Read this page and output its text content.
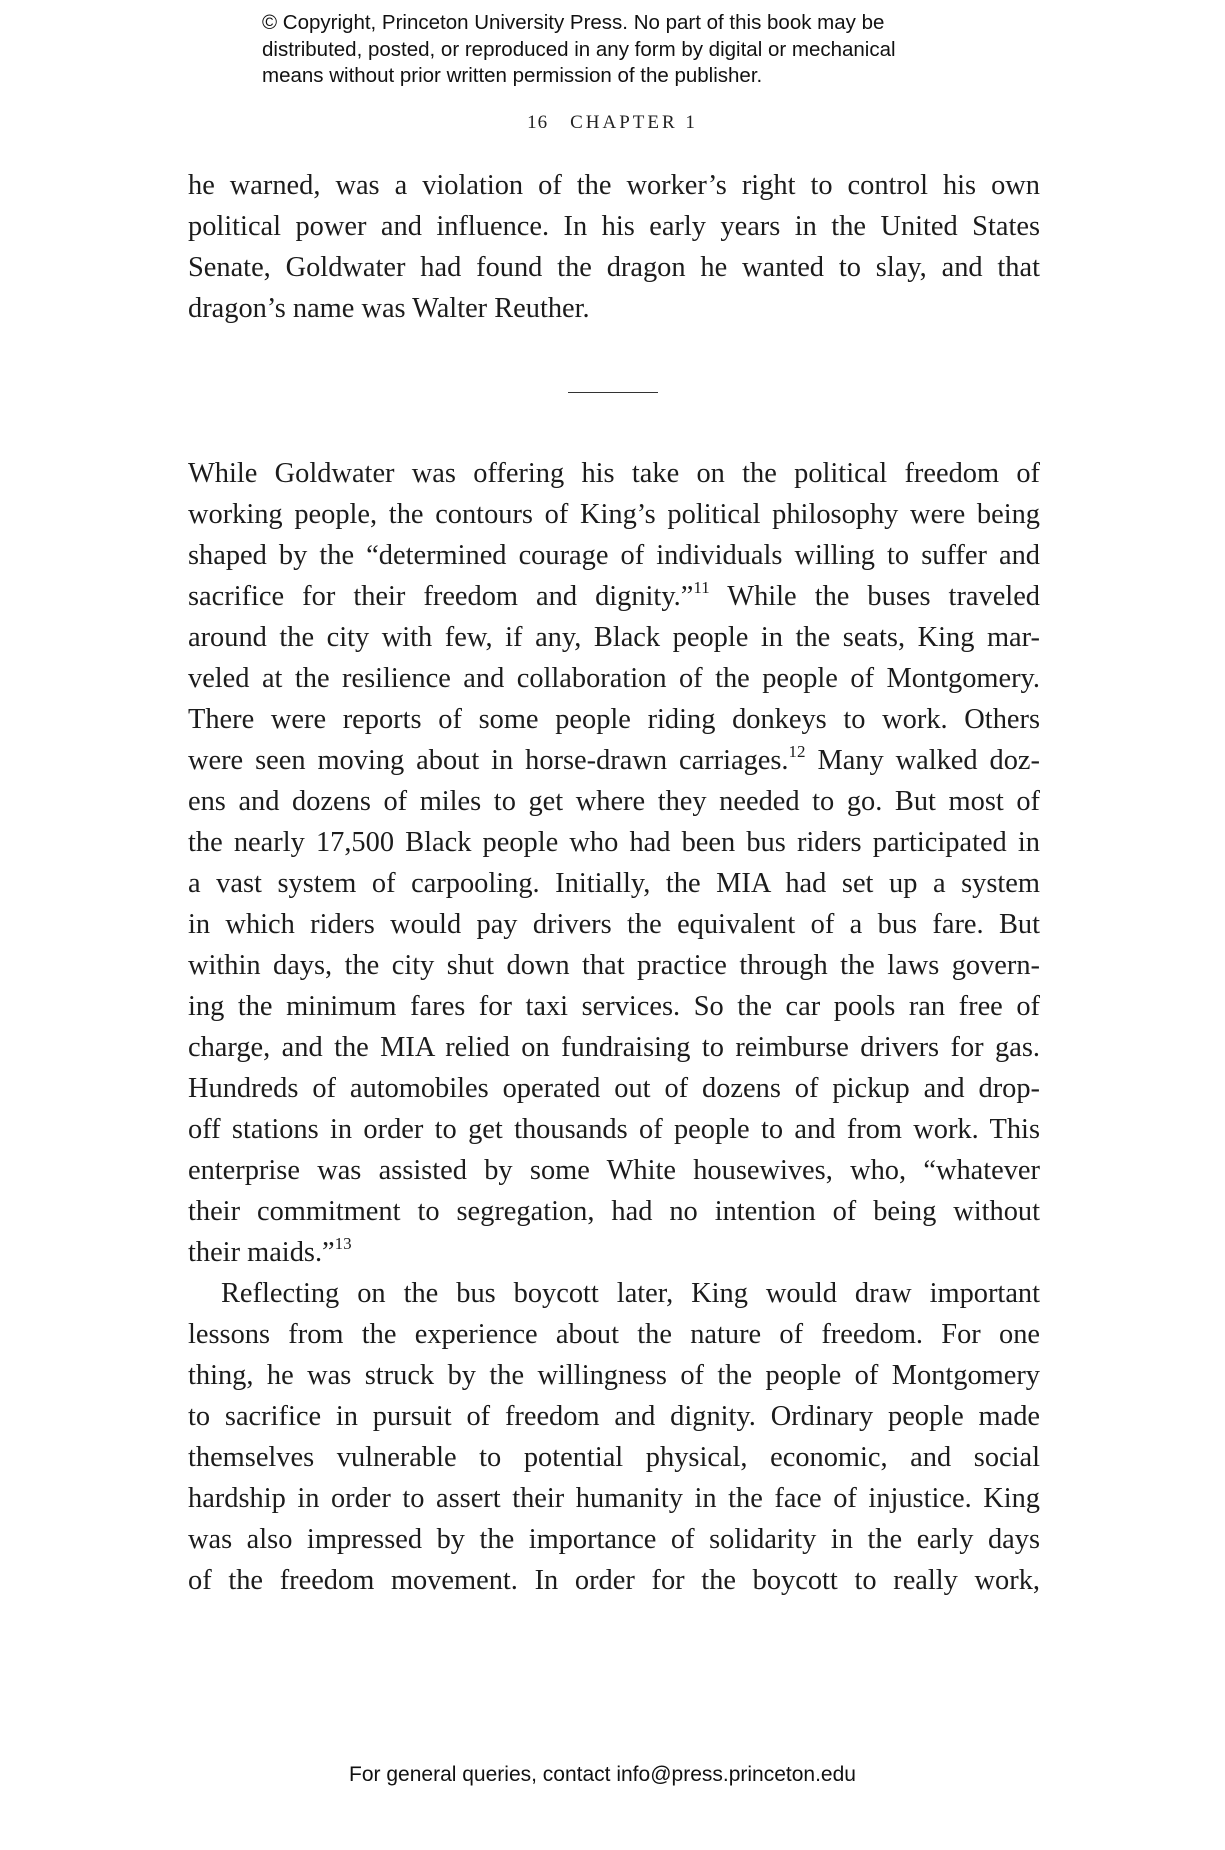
© Copyright, Princeton University Press. No part of this book may be
distributed, posted, or reproduced in any form by digital or mechanical
means without prior written permission of the publisher.
16 CHAPTER 1

he warned, was a violation of the worker’s right to control his own
political power and influence. In his early years in the United States
Senate, Goldwater had found the dragon he wanted to slay, and that
dragon’s name was Walter Reuther.

While Goldwater was offering his take on the political freedom of
working people, the contours of King’s political philosophy were being
shaped by the “determined courage of individuals willing to suffer and
sacrifice for their freedom and dignity.”$^{11}$ While the buses traveled
around the city with few, if any, Black people in the seats, King mar-
veled at the resilience and collaboration of the people of Montgomery.
There were reports of some people riding donkeys to work. Others
were seen moving about in horse-drawn carriages.$^{12}$ Many walked doz-
ens and dozens of miles to get where they needed to go. But most of
the nearly 17,500 Black people who had been bus riders participated in
a vast system of carpooling. Initially, the MIA had set up a system
in which riders would pay drivers the equivalent of a bus fare. But
within days, the city shut down that practice through the laws govern-
ing the minimum fares for taxi services. So the car pools ran free of
charge, and the MIA relied on fundraising to reimburse drivers for gas.
Hundreds of automobiles operated out of dozens of pickup and drop-
off stations in order to get thousands of people to and from work. This
enterprise was assisted by some White housewives, who, “whatever
their commitment to segregation, had no intention of being without
their maids.”$^{13}$

Reflecting on the bus boycott later, King would draw important
lessons from the experience about the nature of freedom. For one
thing, he was struck by the willingness of the people of Montgomery
to sacrifice in pursuit of freedom and dignity. Ordinary people made
themselves vulnerable to potential physical, economic, and social
hardship in order to assert their humanity in the face of injustice. King
was also impressed by the importance of solidarity in the early days
of the freedom movement. In order for the boycott to really work,

For general queries, contact info@press.princeton.edu
